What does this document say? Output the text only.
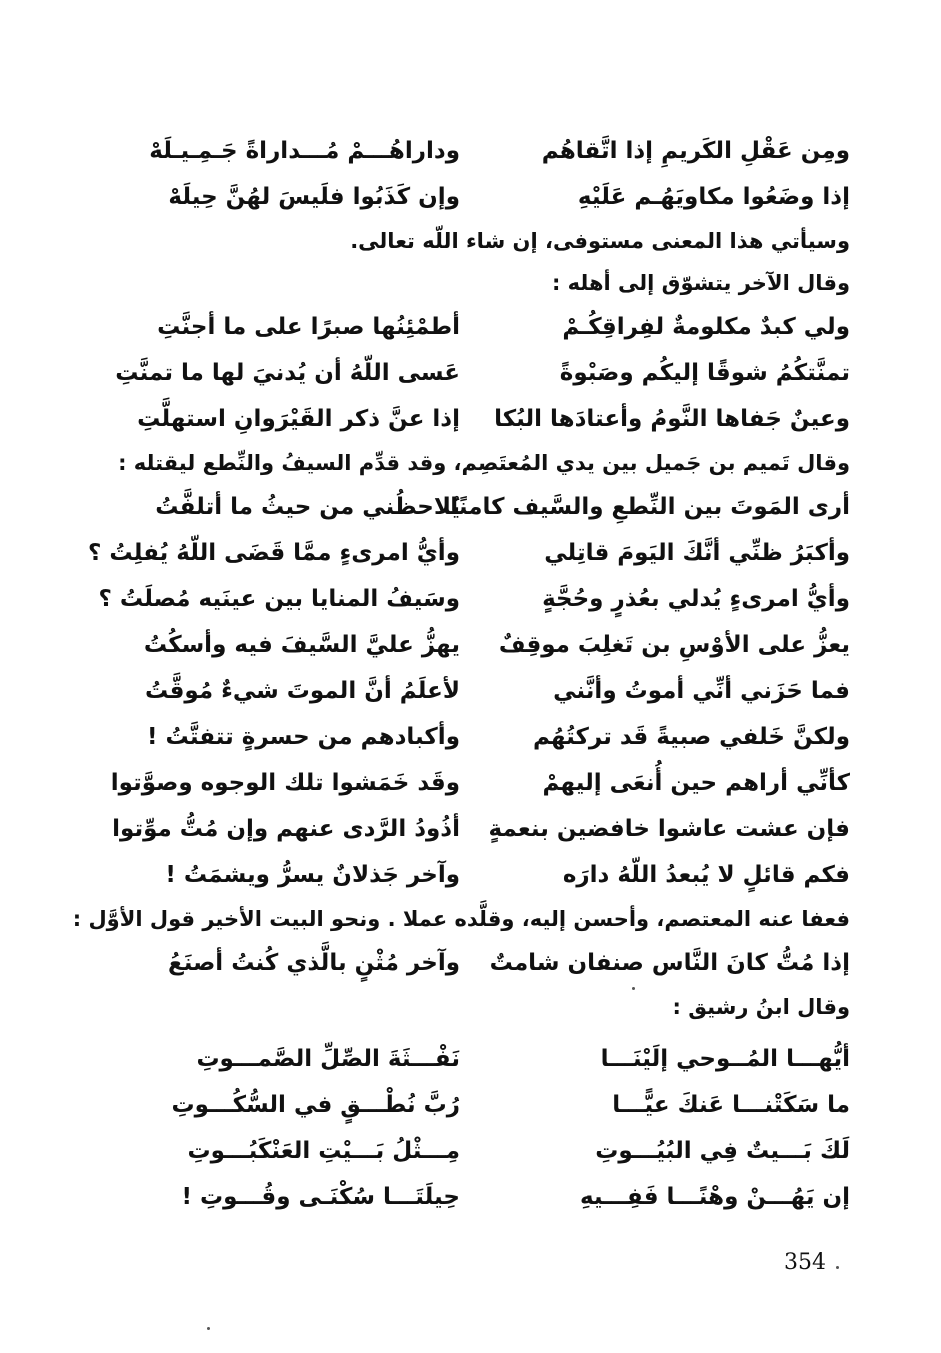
ومِن عَقْلِ الكَريمِ إذا اتَّقاهُم
وداراهُـــمْ مُـــداراةً جَـمِـيـلَهْ
إذا وضَعُوا مكاويَهُـم عَلَيْهِ
وإن كَذَبُوا فلَيسَ لهُنَّ حِيلَهْ
وسيأتي هذا المعنى مستوفى، إن شاء اللّه تعالى.
وقال الآخر يتشوّق إلى أهله :
ولي كبدٌ مكلومةٌ لفِراقِكُـمْ
أطمْئِنُها صبرًا على ما أجنَّتِ
تمنَّتكُمُ شوقًا إليكُم وصَبْوةً
عَسى اللّهُ أن يُدنيَ لها ما تمنَّتِ
وعينٌ جَفاها النَّومُ وأعتادَها البُكا
إذا عنَّ ذكر القَيْرَوانِ استهلَّتِ
وقال تَميم بن جَميل بين يدي المُعتَصِم، وقد قدِّم السيفُ والنِّطع ليقتله :
أرى المَوتَ بين النِّطعِ والسَّيف كامنًا
يُلاحظُني من حيثُ ما أتلفَّتُ
وأكبَرُ ظنِّي أنَّكَ اليَومَ قاتِلي
وأيُّ امرىءٍ ممَّا قَضَى اللّهُ يُفلِتُ ؟
وأيُّ امرىءٍ يُدلي بعُذرٍ وحُجَّةٍ
وسَيفُ المنايا بين عينَيه مُصلَتُ ؟
يعزُّ على الأوْسِ بن تَغلِبَ موقِفٌ
يهزُّ عليَّ السَّيفَ فيه وأسكُتُ
فما حَزَني أنِّي أموتُ وأنَّني
لأعلَمُ أنَّ الموتَ شيءٌ مُوقَّتُ
ولكنَّ خَلفي صبيةً قَد تركتُهُم
وأكبادهم من حسرةٍ تتفتَّتُ !
كأنِّي أراهم حين أُنعَى إليهمْ
وقَد خَمَشوا تلك الوجوه وصوَّتوا
فإن عشت عاشوا خافضين بنعمةٍ
أذُودُ الرَّدى عنهم وإن مُتُّ موِّتوا
فكم قائلٍ لا يُبعدُ اللّهُ دارَه
وآخر جَذلانٌ يسرُّ ويشمَتُ !
فعفا عنه المعتصم، وأحسن إليه، وقلَّده عملا . ونحو البيت الأخير قول الأوَّل :
إذا مُتُّ كانَ النَّاس صنفان شامتٌ
وآخر مُثْنٍ بالَّذي كُنتُ أصنَعُ
وقال ابنُ رشيق :
أيُّهـــا المُــوحي إلَيْنَـــا
نَفْـــثَةَ الصِّلِّ الصَّمـــوتِ
ما سَكَتْنـــا عَنكَ عيًّـــا
رُبَّ نُطْـــقٍ في السُّكُـــوتِ
لَكَ بَـــيتٌ فِي البُيُـــوتِ
مِـــثْلُ بَـــيْتِ العَنْكَبُـــوتِ
إن يَهُـــنْ وهْنًـــا فَفِـــيهِ
حِيلَتَـــا سُكْنَـى وقُـــوتِ !
354
